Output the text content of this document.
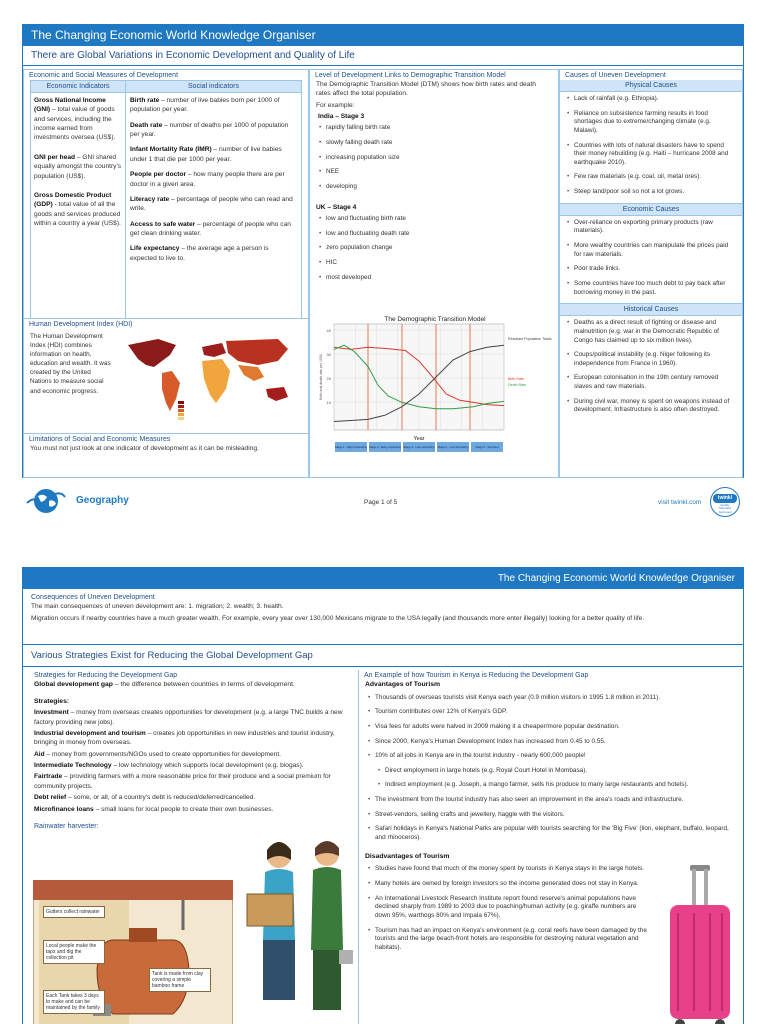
The Changing Economic World Knowledge Organiser
There are Global Variations in Economic Development and Quality of Life
Economic and Social Measures of Development
Economic Indicators
Gross National Income (GNI) – total value of goods and services, including the income earned from investments oversea (US$).
GNI per head – GNI shared equally amongst the country's population (US$).
Gross Domestic Product (GDP) - total value of all the goods and services produced within a country a year (US$).
Social indicators
Birth rate – number of live babies born per 1000 of population per year.
Death rate – number of deaths per 1000 of population per year.
Infant Mortality Rate (IMR) – number of live babies under 1 that die per 1000 per year.
People per doctor – how many people there are per doctor in a given area.
Literacy rate – percentage of people who can read and write.
Access to safe water – percentage of people who can get clean drinking water.
Life expectancy – the average age a person is expected to live to.
Human Development Index (HDI)
The Human Development Index (HDI) combines information on health, education and wealth. It was created by the United Nations to measure social and economic progress.
Limitations of Social and Economic Measures
You must not just look at one indicator of development as it can be misleading.
Level of Development Links to Demographic Transition Model
The Demographic Transition Model (DTM) shows how birth rates and death rates affect the total population.
For example:
India – Stage 3
• rapidly falling birth rate
• slowly falling death rate
• increasing population size
• NEE
• developing
UK – Stage 4
• low and fluctuating birth rate
• low and fluctuating death rate
• zero population change
• HIC
• most developed
The Demographic Transition Model
40
30
20
10
Birth and death rate per 1000
Year
Resultant Population Totals
Birth Rate
Death Rate
Stage 1 - High Fluctuating Stage 2 - Early expanding Stage 3 - Late expanding Stage 4 - Low fluctuating	Stage 5 - Declined
Causes of Uneven Development
Physical Causes
• Lack of rainfall (e.g. Ethiopia).
• Reliance on subsistence farming results in food shortages due to extreme/changing climate (e.g. Malawi).
• Countries with lots of natural disasters have to spend their money rebuilding (e.g. Haiti – hurricane 2008 and earthquake 2010).
• Few raw materials (e.g. coal, oil, metal ores).
• Steep land/poor soil so not a lot grows.
Economic Causes
• Over-reliance on exporting primary products (raw materials).
• More wealthy countries can manipulate the prices paid for raw materials.
• Poor trade links.
• Some countries have too much debt to pay back after borrowing money in the past.
Historical Causes
• Deaths as a direct result of fighting or disease and malnutrition (e.g. war in the Democratic Republic of Congo has claimed up to six million lives).
• Coups/political instability (e.g. Niger following its independence from France in 1960).
• European colonisation in the 19th century removed slaves and raw materials.
• During civil war, money is spent on weapons instead of development. Infrastructure is also often destroyed.
Geography	Page 1 of 5	visit twinkl.com
twinkl
Quality Standard Approved
The Changing Economic World Knowledge Organiser
Consequences of Uneven Development
The main consequences of uneven development are: 1. migration; 2. wealth; 3. health.
Migration occurs if nearby countries have a much greater wealth. For example, every year over 130,000 Mexicans migrate to the USA legally (and thousands more enter illegally) looking for a better quality of life.
Various Strategies Exist for Reducing the Global Development Gap
Strategies for Reducing the Development Gap
Global development gap – the difference between countries in terms of development.
Strategies:
Investment – money from overseas creates opportunities for development (e.g. a large TNC builds a new factory providing new jobs).
Industrial development and tourism – creates job opportunities in new industries and tourist industry, bringing in money from overseas.
Aid – money from governments/NGOs used to create opportunities for development.
Intermediate Technology – low technology which supports local development (e.g. biogas).
Fairtrade – providing farmers with a more reasonable price for their produce and a social premium for community projects.
Debt relief – some, or all, of a country's debt is reduced/deferred/cancelled.
Microfinance loans – small loans for local people to create their own businesses.
Rainwater harvester:
Gutters collect rainwater
Local people make the taps and dig the collection pit
Tank is made from clay covering a simple bamboo frame
Each Tank takes 3 days to make and can be maintained by the family
An Example of how Tourism in Kenya is Reducing the Development Gap
Advantages of Tourism
• Thousands of overseas tourists visit Kenya each year (0.9 million visitors in 1995 1.8 million in 2011).
• Tourism contributes over 12% of Kenya's GDP.
• Visa fees for adults were halved in 2009 making it a cheaper/more popular destination.
• Since 2000, Kenya's Human Development Index has increased from 0.45 to 0.55.
• 10% of all jobs in Kenya are in the tourist industry - nearly 600,000 people!
• Direct employment in large hotels (e.g. Royal Court Hotel in Mombasa).
• Indirect employment (e.g. Joseph, a mango farmer, sells his produce to many large restaurants and hotels).
• The investment from the tourist industry has also seen an improvement in the area's roads and infrastructure.
• Street-vendors, selling crafts and jewellery, haggle with the visitors.
• Safari holidays in Kenya's National Parks are popular with tourists searching for the 'Big Five' (lion, elephant, buffalo, leopard, and rhinoceros).
Disadvantages of Tourism
• Studies have found that much of the money spent by tourists in Kenya stays in the large hotels.
• Many hotels are owned by foreign investors so the income generated does not stay in Kenya.
• An International Livestock Research Institute report found reserve's animal populations have declined sharply from 1989 to 2003 due to poaching/human activity (e.g. giraffe numbers are down 95%, warthogs 80% and impala 67%).
• Tourism has had an impact on Kenya's environment (e.g. coral reefs have been damaged by the tourists and the large beach-front hotels are responsible for destroying natural vegetation and habitats).
